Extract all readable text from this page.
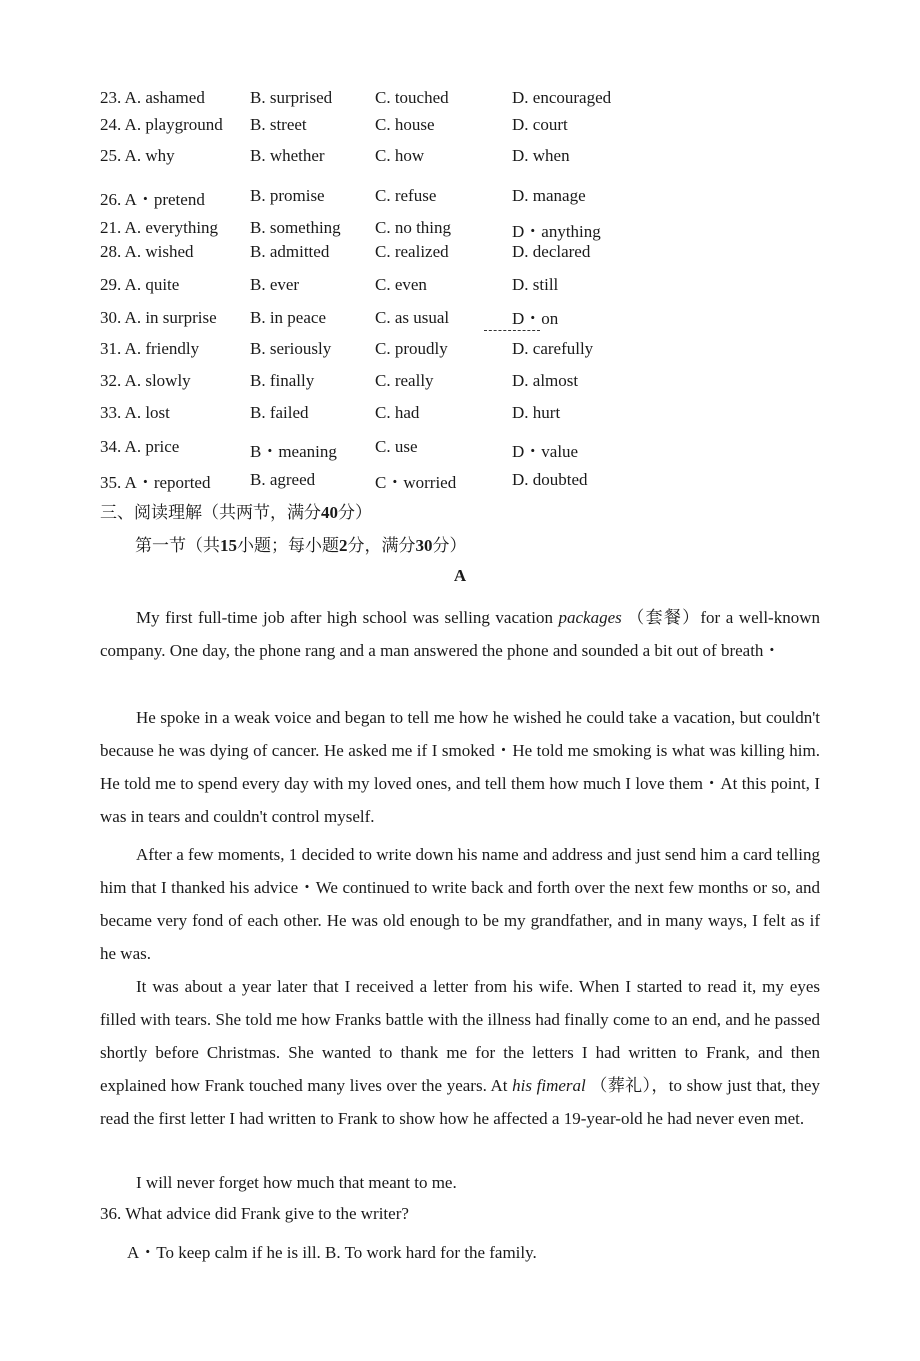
23. A. ashamed	B. surprised	C. touched	D. encouraged
24. A. playground B. street	C. house	D. court
25. A. why	B. whether	C. how	D. when
26. A・pretend	B. promise	C. refuse	D. manage
21. A. everything B. something C. no thing	D・anything
28. A. wished	B. admitted	C. realized	D. declared
29. A. quite	B. ever	C. even	D. still
30. A. in surprise B. in peace	C. as usual	D・on
31. A. friendly	B. seriously	C. proudly	D. carefully
32. A. slowly	B. finally	C. really	D. almost
33. A. lost	B. failed	C. had	D. hurt
34. A. price	B・meaning C. use	D・value
35. A・reported B. agreed	C・worried	D. doubted
三、阅读理解（共两节，满分40分）
第一节（共15小题；每小题2分，满分30分）
A

My first full-time job after high school was selling vacation packages （套餐）for a well-known company. One day, the phone rang and a man answered the phone and sounded a bit out of breath・

He spoke in a weak voice and began to tell me how he wished he could take a vacation, but couldn't because he was dying of cancer. He asked me if I smoked・He told me smoking is what was killing him. He told me to spend every day with my loved ones, and tell them how much I love them・At this point, I was in tears and couldn't control myself.

After a few moments, 1 decided to write down his name and address and just send him a card telling him that I thanked his advice・We continued to write back and forth over the next few months or so, and became very fond of each other. He was old enough to be my grandfather, and in many ways, I felt as if he was.

It was about a year later that I received a letter from his wife. When I started to read it, my eyes filled with tears. She told me how Franks battle with the illness had finally come to an end, and he passed shortly before Christmas. She wanted to thank me for the letters I had written to Frank, and then explained how Frank touched many lives over the years. At his fimeral （葬礼），to show just that, they read the first letter I had written to Frank to show how he affected a 19-year-old he had never even met.

I will never forget how much that meant to me.

36. What advice did Frank give to the writer?
A・To keep calm if he is ill. B. To work hard for the family.
